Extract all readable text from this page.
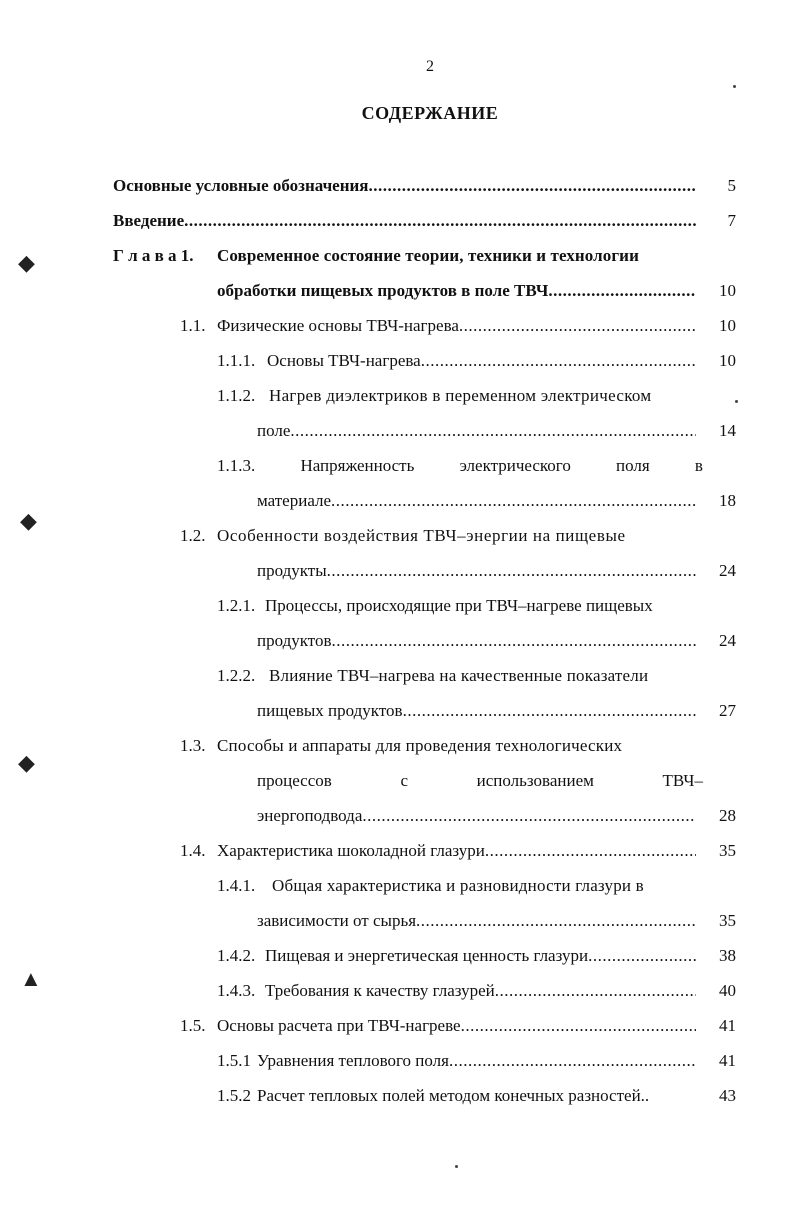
2
СОДЕРЖАНИЕ
Основные условные обозначения .....	5
Введение .....	7
Г л а в а 1. Современное состояние теории, техники и технологии
обработки пищевых продуктов в поле ТВЧ .....	10
1.1. Физические основы ТВЧ-нагрева .....	10
1.1.1. Основы ТВЧ-нагрева .....	10
1.1.2. Нагрев диэлектриков в переменном электрическом
поле .....	14
1.1.3.	Напряженность	электрического	поля	в
материале .....	18
1.2. Особенности воздействия ТВЧ–энергии на пищевые
продукты .....	24
1.2.1. Процессы, происходящие при ТВЧ–нагреве пищевых
продуктов .....	24
1.2.2. Влияние ТВЧ–нагрева на качественные показатели
пищевых продуктов .....	27
1.3. Способы и аппараты для проведения технологических
процессов	с	использованием	ТВЧ–
энергоподвода .....	28
1.4. Характеристика шоколадной глазури .....	35
1.4.1. Общая характеристика и разновидности глазури в
зависимости от сырья .....	35
1.4.2. Пищевая и энергетическая ценность глазури .....	38
1.4.3. Требования к качеству глазурей .....	40
1.5. Основы расчета при ТВЧ-нагреве .....	41
1.5.1 Уравнения теплового поля .....	41
1.5.2 Расчет тепловых полей методом конечных разностей..	43
◆
◆
◆
▲
